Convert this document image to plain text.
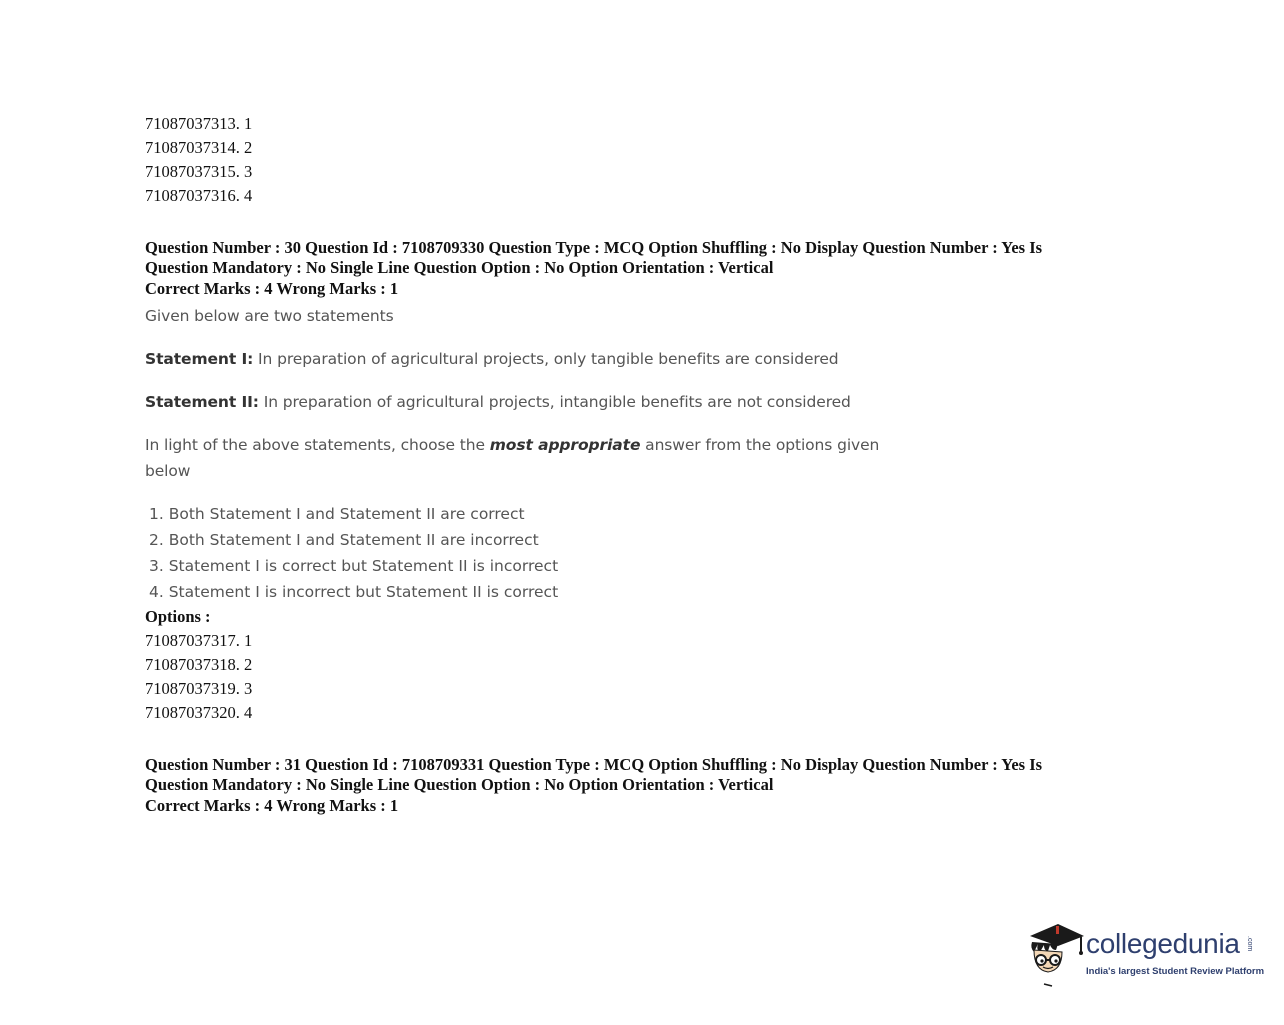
71087037313. 1

71087037314. 2

71087037315. 3

71087037316. 4

Question Number : 30 Question Id : 7108709330 Question Type : MCQ Option Shuffling : No Display Question Number : Yes Is

Question Mandatory : No Single Line Question Option : No Option Orientation : Vertical

Correct Marks : 4 Wrong Marks : 1

Given below are two statements

Statement I: In preparation of agricultural projects, only tangible benefits are considered

Statement II: In preparation of agricultural projects, intangible benefits are not considered

In light of the above statements, choose the most appropriate answer from the options given below

1. Both Statement I and Statement II are correct
2. Both Statement I and Statement II are incorrect
3. Statement I is correct but Statement II is incorrect
4. Statement I is incorrect but Statement II is correct

Options :

71087037317. 1

71087037318. 2

71087037319. 3

71087037320. 4

Question Number : 31 Question Id : 7108709331 Question Type : MCQ Option Shuffling : No Display Question Number : Yes Is

Question Mandatory : No Single Line Question Option : No Option Orientation : Vertical

Correct Marks : 4 Wrong Marks : 1

collegedunia .com
India's largest Student Review Platform
